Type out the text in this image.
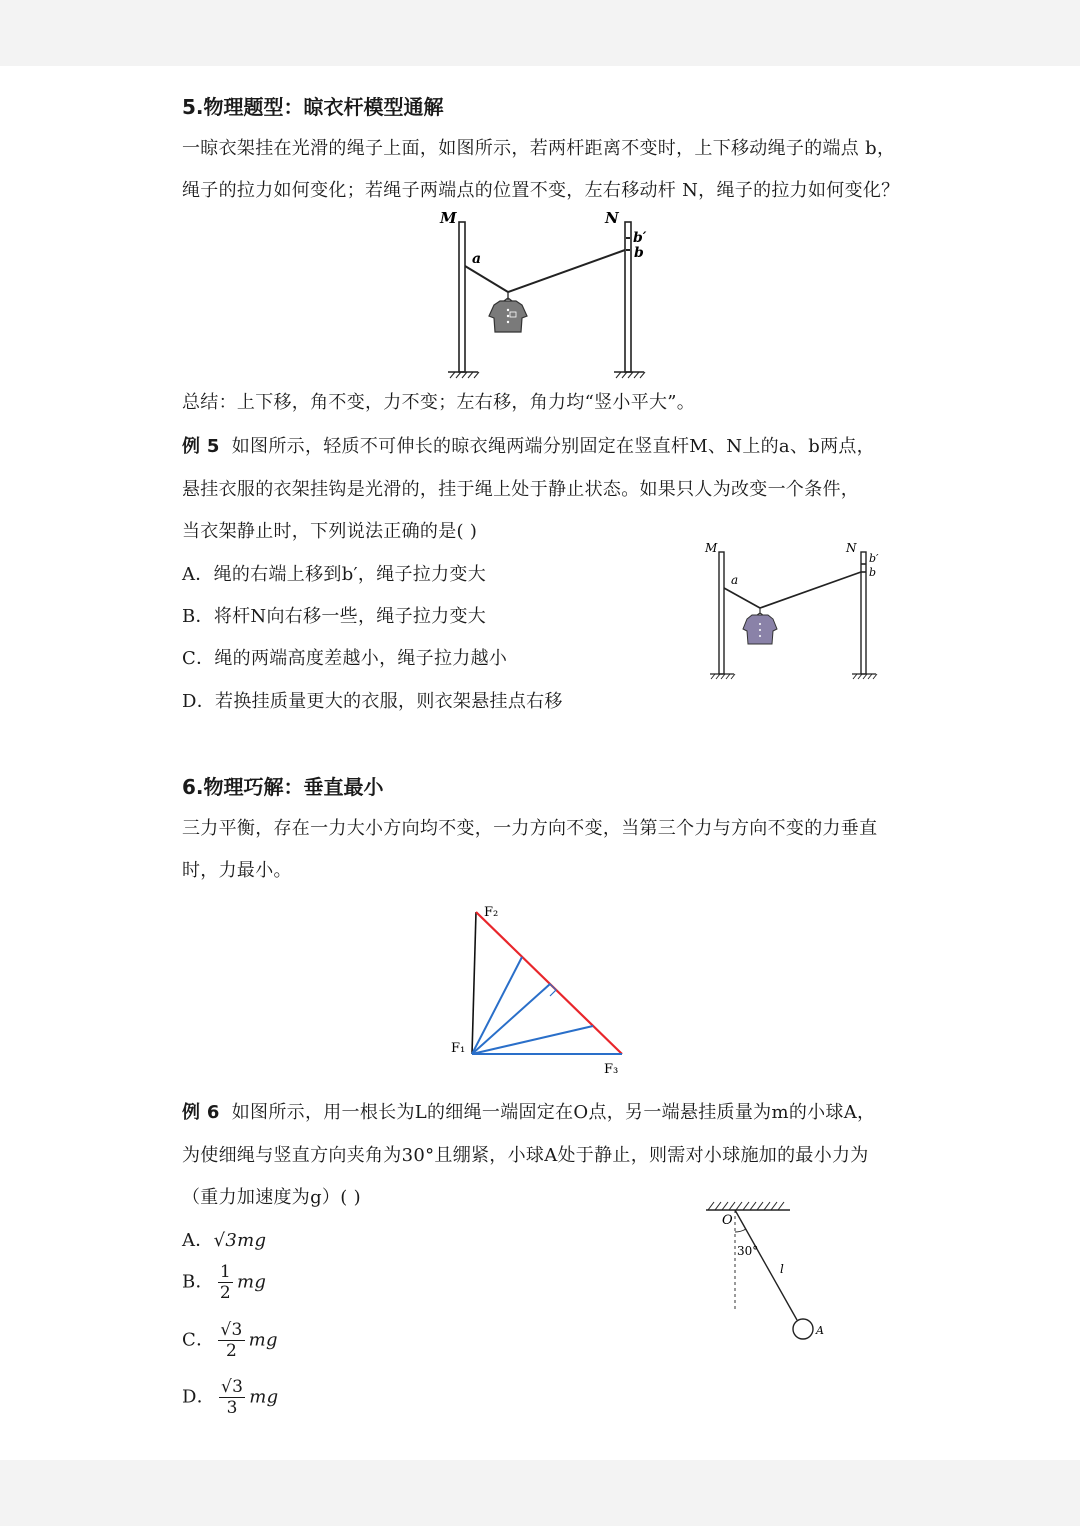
5.物理题型：晾衣杆模型通解
一晾衣架挂在光滑的绳子上面，如图所示，若两杆距离不变时，上下移动绳子的端点 b，
绳子的拉力如何变化；若绳子两端点的位置不变，左右移动杆 N，绳子的拉力如何变化？
M	N
b′
b
a
总结：上下移，角不变，力不变；左右移，角力均“竖小平大”。
例 5 如图所示，轻质不可伸长的晾衣绳两端分别固定在竖直杆M、N上的a、b两点，
悬挂衣服的衣架挂钩是光滑的，挂于绳上处于静止状态。如果只人为改变一个条件，
当衣架静止时，下列说法正确的是( )
A．绳的右端上移到b′，绳子拉力变大
B．将杆N向右移一些，绳子拉力变大
C．绳的两端高度差越小，绳子拉力越小
D．若换挂质量更大的衣服，则衣架悬挂点右移
M	N
b′
b
a
6.物理巧解：垂直最小
三力平衡，存在一力大小方向均不变，一力方向不变，当第三个力与方向不变的力垂直
时，力最小。
F₂
F₁
F₃
例 6 如图所示，用一根长为L的细绳一端固定在O点，另一端悬挂质量为m的小球A，
为使细绳与竖直方向夹角为30°且绷紧，小球A处于静止，则需对小球施加的最小力为
（重力加速度为g）( )
A．√3mg
B． $\frac{1}{2}$ mg
C． $\frac{√3}{2}$ mg
D． $\frac{√3}{3}$ mg
O
30°
l
A
